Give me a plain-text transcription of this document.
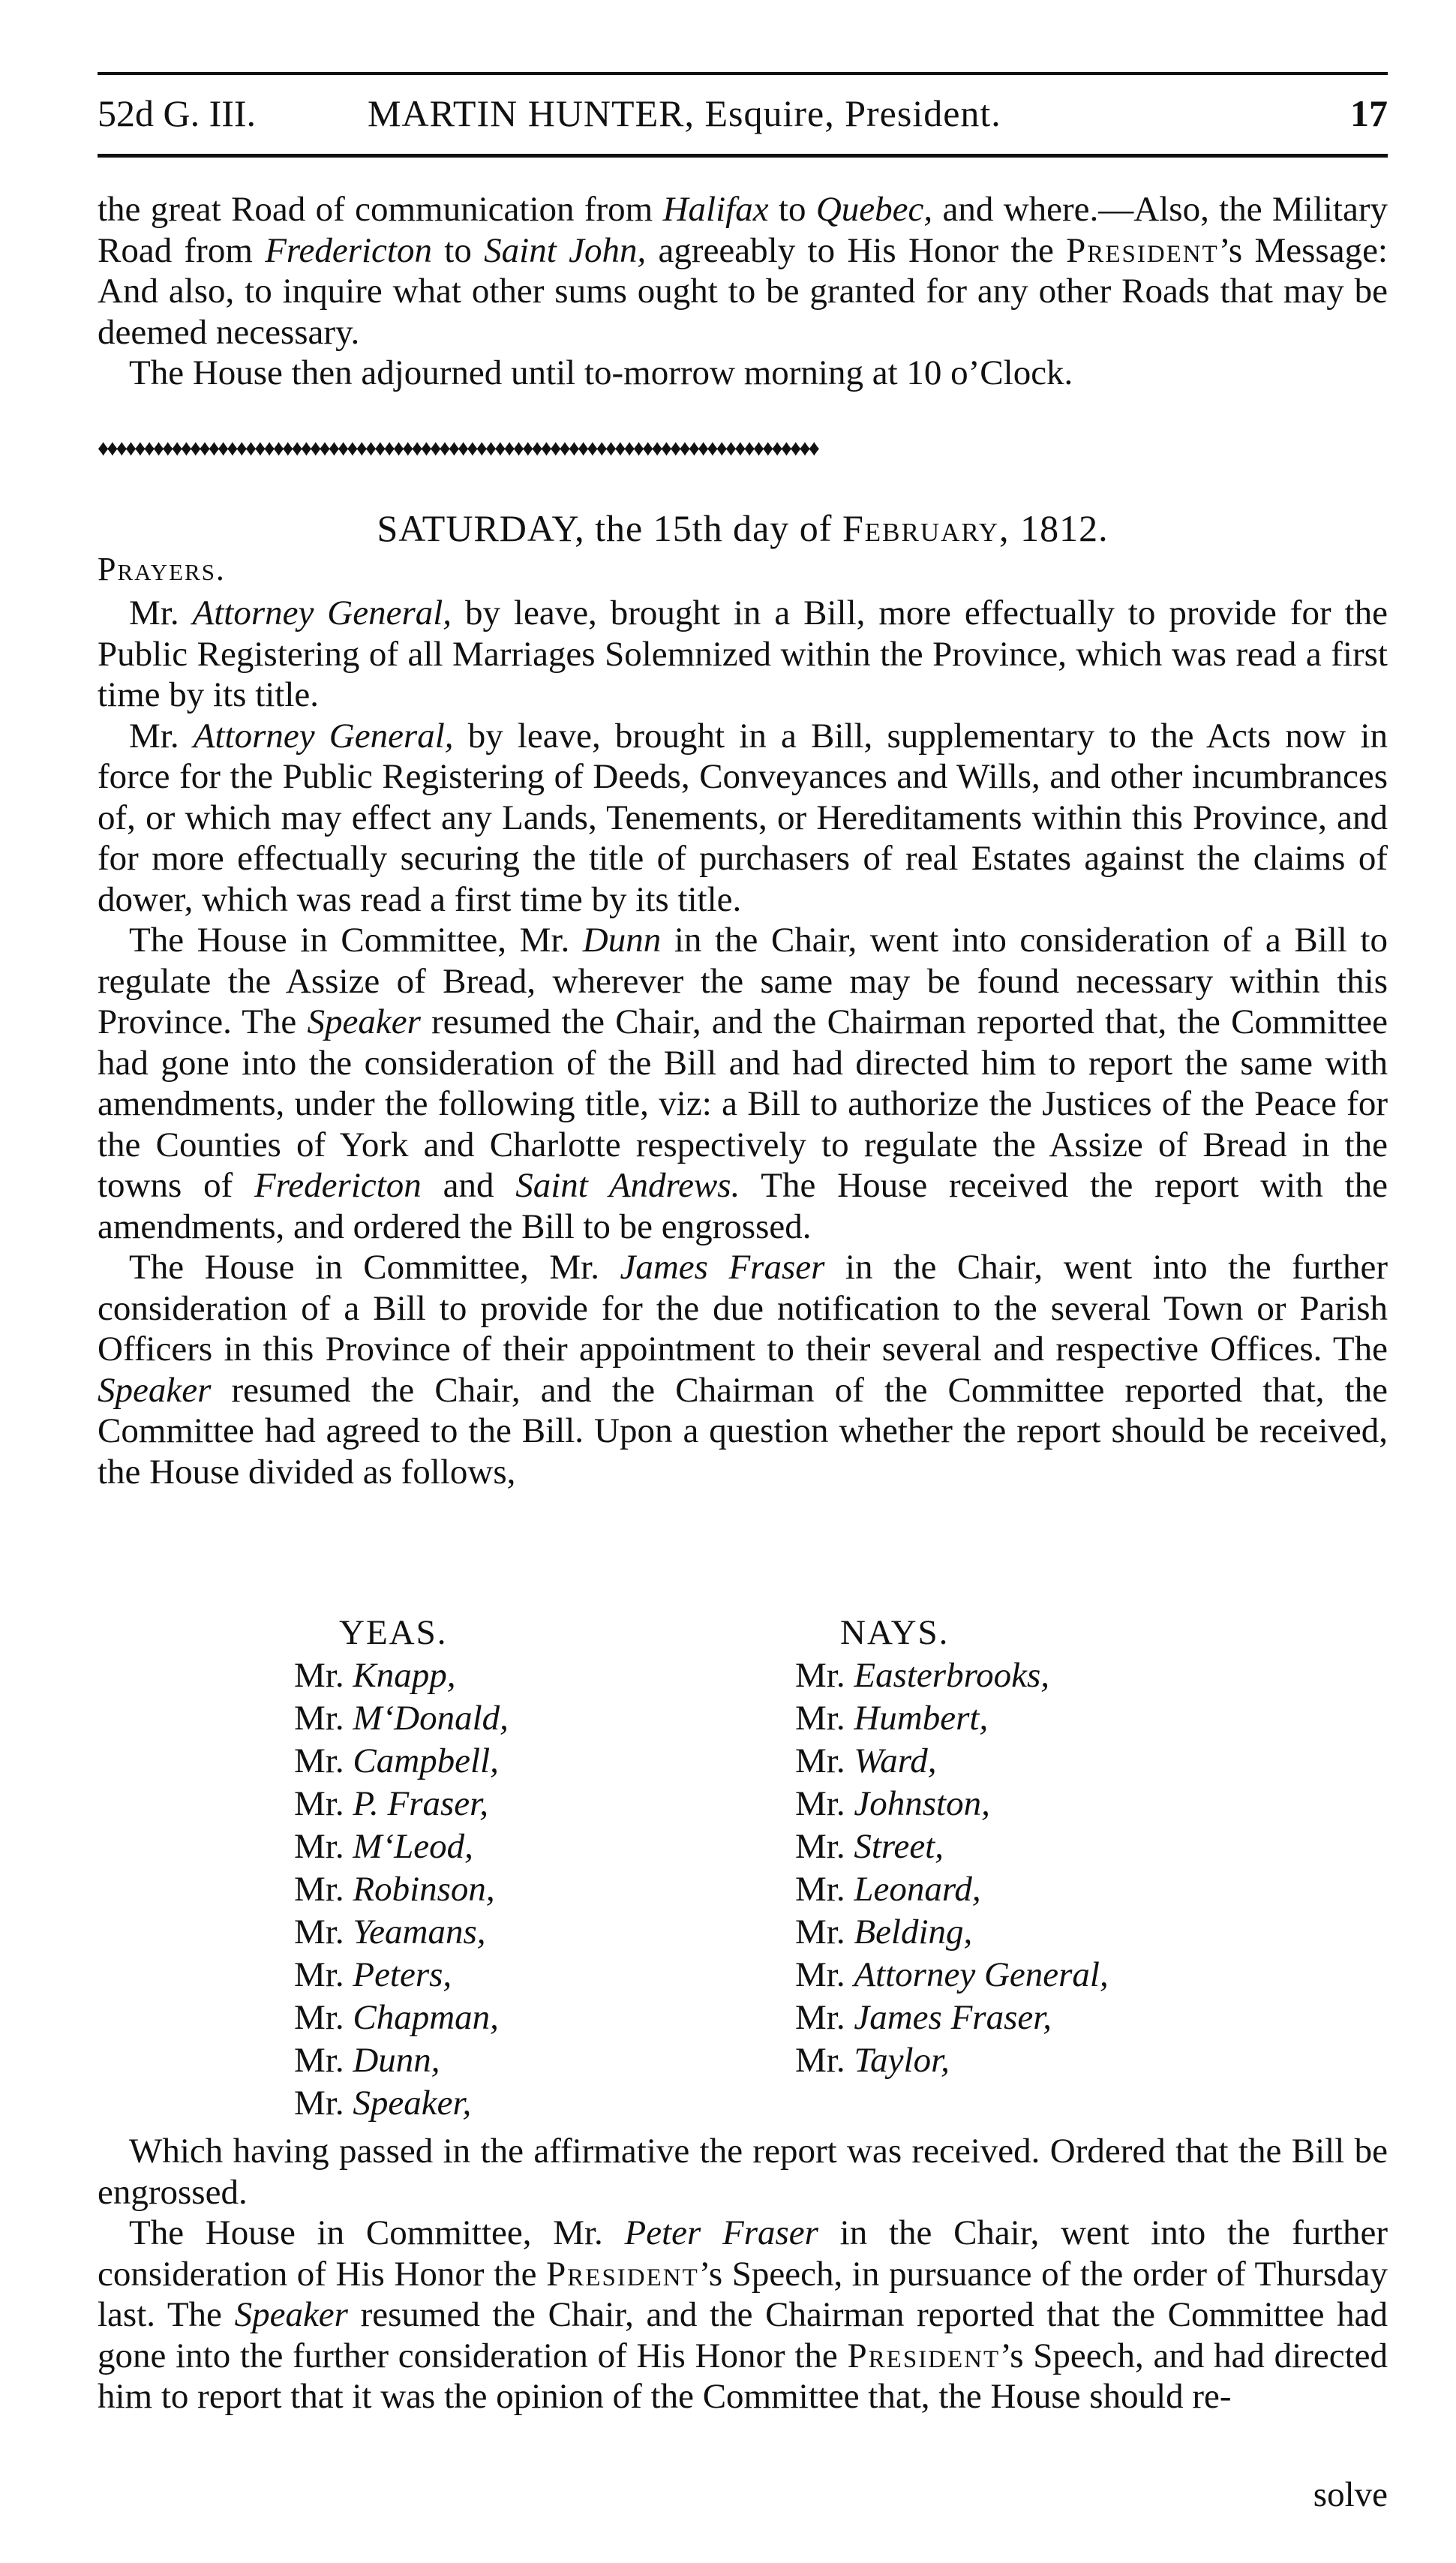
52d G. III.	MARTIN HUNTER, Esquire, President.	17

the great Road of communication from Halifax to Quebec, and where.—Also, the Military Road from Fredericton to Saint John, agreeably to His Honor the President’s Message: And also, to inquire what other sums ought to be granted for any other Roads that may be deemed necessary.

The House then adjourned until to-morrow morning at 10 o’Clock.

♦♦♦♦♦♦♦♦♦♦♦♦♦♦♦♦♦♦♦♦♦♦♦♦♦♦♦♦♦♦♦♦♦♦♦♦♦♦♦♦♦♦♦♦♦♦♦♦♦♦♦♦♦♦♦♦♦♦♦♦♦♦♦♦♦♦♦♦♦♦♦♦♦♦♦♦♦♦
SATURDAY, the 15th day of February, 1812.
Prayers.

Mr. Attorney General, by leave, brought in a Bill, more effectually to provide for the Public Registering of all Marriages Solemnized within the Province, which was read a first time by its title.

Mr. Attorney General, by leave, brought in a Bill, supplementary to the Acts now in force for the Public Registering of Deeds, Conveyances and Wills, and other incumbrances of, or which may effect any Lands, Tenements, or Hereditaments within this Province, and for more effectually securing the title of purchasers of real Estates against the claims of dower, which was read a first time by its title.

The House in Committee, Mr. Dunn in the Chair, went into consideration of a Bill to regulate the Assize of Bread, wherever the same may be found necessary within this Province. The Speaker resumed the Chair, and the Chairman reported that, the Committee had gone into the consideration of the Bill and had directed him to report the same with amendments, under the following title, viz: a Bill to authorize the Justices of the Peace for the Counties of York and Charlotte respectively to regulate the Assize of Bread in the towns of Fredericton and Saint Andrews. The House received the report with the amendments, and ordered the Bill to be engrossed.

The House in Committee, Mr. James Fraser in the Chair, went into the further consideration of a Bill to provide for the due notification to the several Town or Parish Officers in this Province of their appointment to their several and respective Offices. The Speaker resumed the Chair, and the Chairman of the Committee reported that, the Committee had agreed to the Bill. Upon a question whether the report should be received, the House divided as follows,

YEAS.
Mr. Knapp,
Mr. M‘Donald,
Mr. Campbell,
Mr. P. Fraser,
Mr. M‘Leod,
Mr. Robinson,
Mr. Yeamans,
Mr. Peters,
Mr. Chapman,
Mr. Dunn,
Mr. Speaker,
NAYS.
Mr. Easterbrooks,
Mr. Humbert,
Mr. Ward,
Mr. Johnston,
Mr. Street,
Mr. Leonard,
Mr. Belding,
Mr. Attorney General,
Mr. James Fraser,
Mr. Taylor,

Which having passed in the affirmative the report was received. Ordered that the Bill be engrossed.

The House in Committee, Mr. Peter Fraser in the Chair, went into the further consideration of His Honor the President’s Speech, in pursuance of the order of Thursday last. The Speaker resumed the Chair, and the Chairman reported that the Committee had gone into the further consideration of His Honor the President’s Speech, and had directed him to report that it was the opinion of the Committee that, the House should re-

solve
